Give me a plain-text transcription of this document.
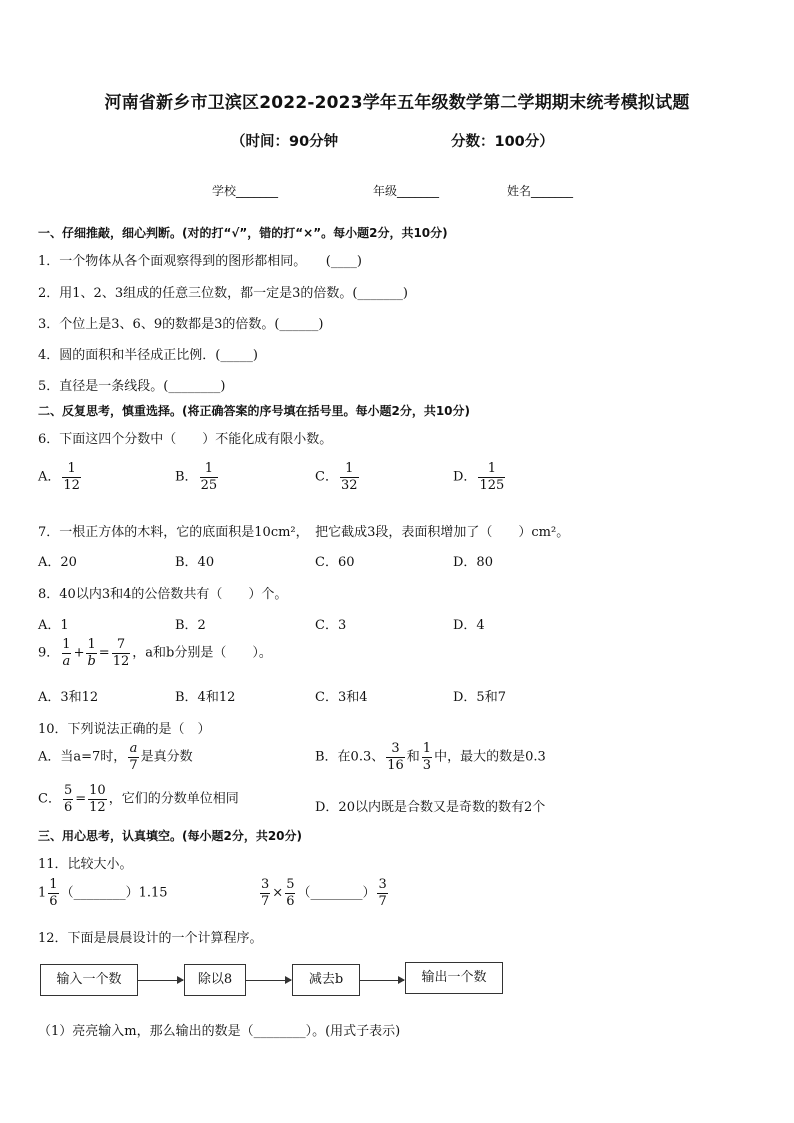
河南省新乡市卫滨区2022-2023学年五年级数学第二学期期末统考模拟试题
（时间：90分钟	分数：100分）
学校_______	年级_______	姓名_______
一、仔细推敲，细心判断。(对的打“√”，错的打“×”。每小题2分，共10分)
1．一个物体从各个面观察得到的图形都相同。　　(____)
2．用1、2、3组成的任意三位数，都一定是3的倍数。(_______)
3．个位上是3、6、9的数都是3的倍数。(______)
4．圆的面积和半径成正比例．(_____)
5．直径是一条线段。(________)
二、反复思考，慎重选择。(将正确答案的序号填在括号里。每小题2分，共10分)
6．下面这四个分数中（　　）不能化成有限小数。
A． $\frac{1}{12}$	B． $\frac{1}{25}$	C． $\frac{1}{32}$	D． $\frac{1}{125}$
7．一根正方体的木料，它的底面积是10cm²，　把它截成3段，表面积增加了（　　）cm²。
A．20	B．40	C．60	D．80
8．40以内3和4的公倍数共有（　　）个。
A．1	B．2	C．3	D．4
9． $\frac{1}{a} + \frac{1}{b} = \frac{7}{12}$ ，a和b分别是（　　）。
A．3和12	B．4和12	C．3和4	D．5和7
10．下列说法正确的是（　）
A．当a=7时， $\frac{a}{7}$ 是真分数	B．在0.3、 $\frac{3}{16}$ 和 $\frac{1}{3}$ 中，最大的数是0.3
C． $\frac{5}{6} = \frac{10}{12}$ ，它们的分数单位相同
D．20以内既是合数又是奇数的数有2个
三、用心思考，认真填空。(每小题2分，共20分)
11．比较大小。
$1 \frac{1}{6}$ （________）1.15	$\frac{3}{7} \times \frac{5}{6}$ （________） $\frac{3}{7}$
12．下面是晨晨设计的一个计算程序。
输入一个数	除以8	减去b	输出一个数
（1）亮亮输入m，那么输出的数是（________）。(用式子表示)
